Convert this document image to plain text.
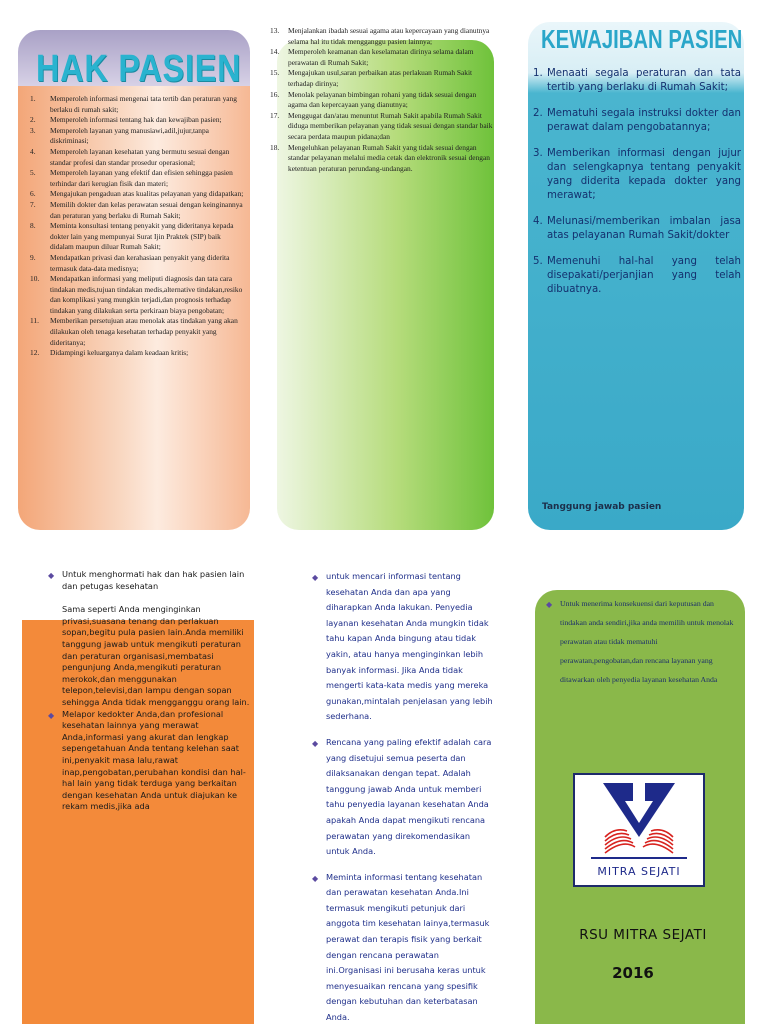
HAK PASIEN
1.	Memperoleh informasi mengenai tata tertib dan peraturan yang berlaku di rumah sakit;
2.	Memperoleh informasi tentang hak dan kewajiban pasien;
3.	Memperoleh layanan yang manusiawi,adil,jujur,tanpa diskriminasi;
4.	Memperoleh layanan kesehatan yang bermutu sesuai dengan standar profesi dan standar prosedur operasional;
5.	Memperoleh layanan yang efektif dan efisien sehingga pasien terhindar dari kerugian fisik dan materi;
6.	Mengajukan pengaduan atas kualitas pelayanan yang didapatkan;
7.	Memilih dokter dan kelas perawatan sesuai dengan keinginannya dan peraturan yang berlaku di Rumah Sakit;
8.	Meminta konsultasi tentang penyakit yang dideritanya kepada dokter lain yang mempunyai Surat Ijin Praktek (SIP) baik didalam maupun diluar Rumah Sakit;
9.	Mendapatkan privasi dan kerahasiaan penyakit yang diderita termasuk data-data medisnya;
10.	Mendapatkan informasi yang meliputi diagnosis dan tata cara tindakan medis,tujuan tindakan medis,alternative tindakan,resiko dan komplikasi yang mungkin terjadi,dan prognosis terhadap tindakan yang dilakukan serta perkiraan biaya pengobatan;
11.	Memberikan persetujuan atau menolak atas tindakan yang akan dilakukan oleh tenaga kesehatan terhadap penyakit yang dideritanya;
12.	Didampingi keluarganya dalam keadaan kritis;
13.	Menjalankan ibadah sesuai agama atau kepercayaan yang dianutnya selama hal itu tidak mengganggu pasien lainnya;
14.	Memperoleh keamanan dan keselamatan dirinya selama dalam perawatan di Rumah Sakit;
15.	Mengajukan usul,saran perbaikan atas perlakuan Rumah Sakit terhadap dirinya;
16.	Menolak pelayanan bimbingan rohani yang tidak sesuai dengan agama dan kepercayaan yang dianutnya;
17.	Menggugat dan/atau menuntut Rumah Sakit apabila Rumah Sakit diduga memberikan pelayanan yang tidak sesuai dengan standar baik secara perdata maupun pidana;dan
18.	Mengeluhkan pelayanan Rumah Sakit yang tidak sesuai dengan standar pelayanan melalui media cetak dan elektronik sesuai dengan ketentuan peraturan perundang-undangan.
KEWAJIBAN PASIEN
1. Menaati segala peraturan dan tata tertib yang berlaku di Rumah Sakit;
2. Mematuhi segala instruksi dokter dan perawat dalam pengobatannya;
3. Memberikan informasi dengan jujur dan selengkapnya tentang penyakit yang diderita kepada dokter yang merawat;
4. Melunasi/memberikan imbalan jasa atas pelayanan Rumah Sakit/dokter
5. Memenuhi hal-hal yang telah disepakati/perjanjian yang telah dibuatnya.
Tanggung jawab pasien
◆ Untuk menghormati hak dan hak pasien lain dan petugas kesehatan
Sama seperti Anda menginginkan privasi,suasana tenang dan perlakuan sopan,begitu pula pasien lain.Anda memiliki tanggung jawab untuk mengikuti peraturan dan peraturan organisasi,membatasi pengunjung Anda,mengikuti peraturan merokok,dan menggunakan telepon,televisi,dan lampu dengan sopan sehingga Anda tidak mengganggu orang lain.
◆ Melapor kedokter Anda,dan profesional kesehatan lainnya yang merawat Anda,informasi yang akurat dan lengkap sepengetahuan Anda tentang kelehan saat ini,penyakit masa lalu,rawat inap,pengobatan,perubahan kondisi dan hal-hal lain yang tidak terduga yang berkaitan dengan kesehatan Anda untuk diajukan ke rekam medis,jika ada
◆ untuk mencari informasi tentang kesehatan Anda dan apa yang diharapkan Anda lakukan. Penyedia layanan kesehatan Anda mungkin tidak tahu kapan Anda bingung atau tidak yakin, atau hanya menginginkan lebih banyak informasi. Jika Anda tidak mengerti kata-kata medis yang mereka gunakan,mintalah penjelasan yang lebih sederhana.
◆ Rencana yang paling efektif adalah cara yang disetujui semua peserta dan dilaksanakan dengan tepat. Adalah tanggung jawab Anda untuk memberi tahu penyedia layanan kesehatan Anda apakah Anda dapat mengikuti rencana perawatan yang direkomendasikan untuk Anda.
◆ Meminta informasi tentang kesehatan dan perawatan kesehatan Anda.Ini termasuk mengikuti petunjuk dari anggota tim kesehatan lainya,termasuk perawat dan terapis fisik yang berkait dengan rencana perawatan ini.Organisasi ini berusaha keras untuk menyesuaikan rencana yang spesifik dengan kebutuhan dan keterbatasan Anda.
◆ Untuk menerima konsekuensi dari keputusan dan tindakan anda sendiri,jika anda memilih untuk menolak perawatan atau tidak mematuhi perawatan,pengobatan,dan rencana layanan yang ditawarkan oleh penyedia layanan kesehatan Anda
MITRA SEJATI
RSU MITRA SEJATI
2016
